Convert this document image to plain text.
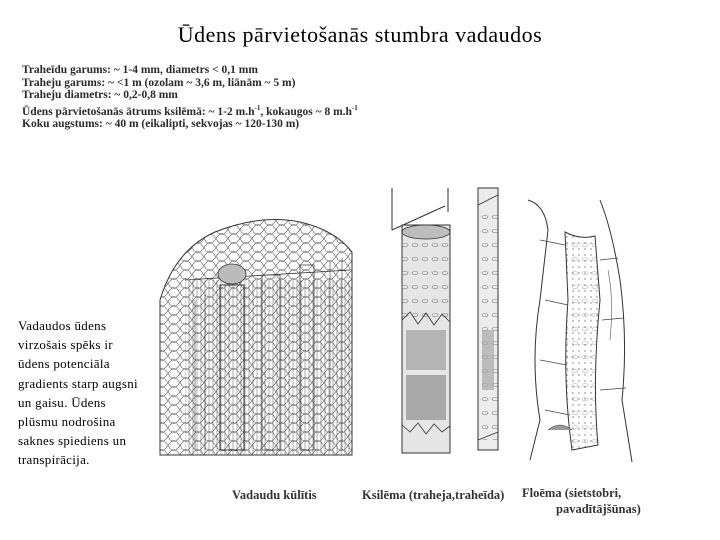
Ūdens pārvietošanās stumbra vadaudos
Traheīdu garums: ~ 1-4 mm, diametrs < 0,1 mm
Traheju garums: ~ <1 m (ozolam ~ 3,6 m, liānām ~ 5 m)
Traheju diametrs: ~ 0,2-0,8 mm
Ūdens pārvietošanās ātrums ksilēmā: ~ 1-2 $m.h^{-1}$, kokaugos ~ 8 $m.h^{-1}$
Koku augstums: ~ 40 m (eikalipti, sekvojas ~ 120-130 m)
Vadaudos ūdens virzošais spēks ir ūdens potenciāla gradients starp augsni un gaisu. Ūdens plūsmu nodrošina saknes spiediens un transpirācija.
Vadaudu kūlītis	Ksilēma (traheja,traheīda) Floēma (sietstobri,
pavadītājšūnas)
